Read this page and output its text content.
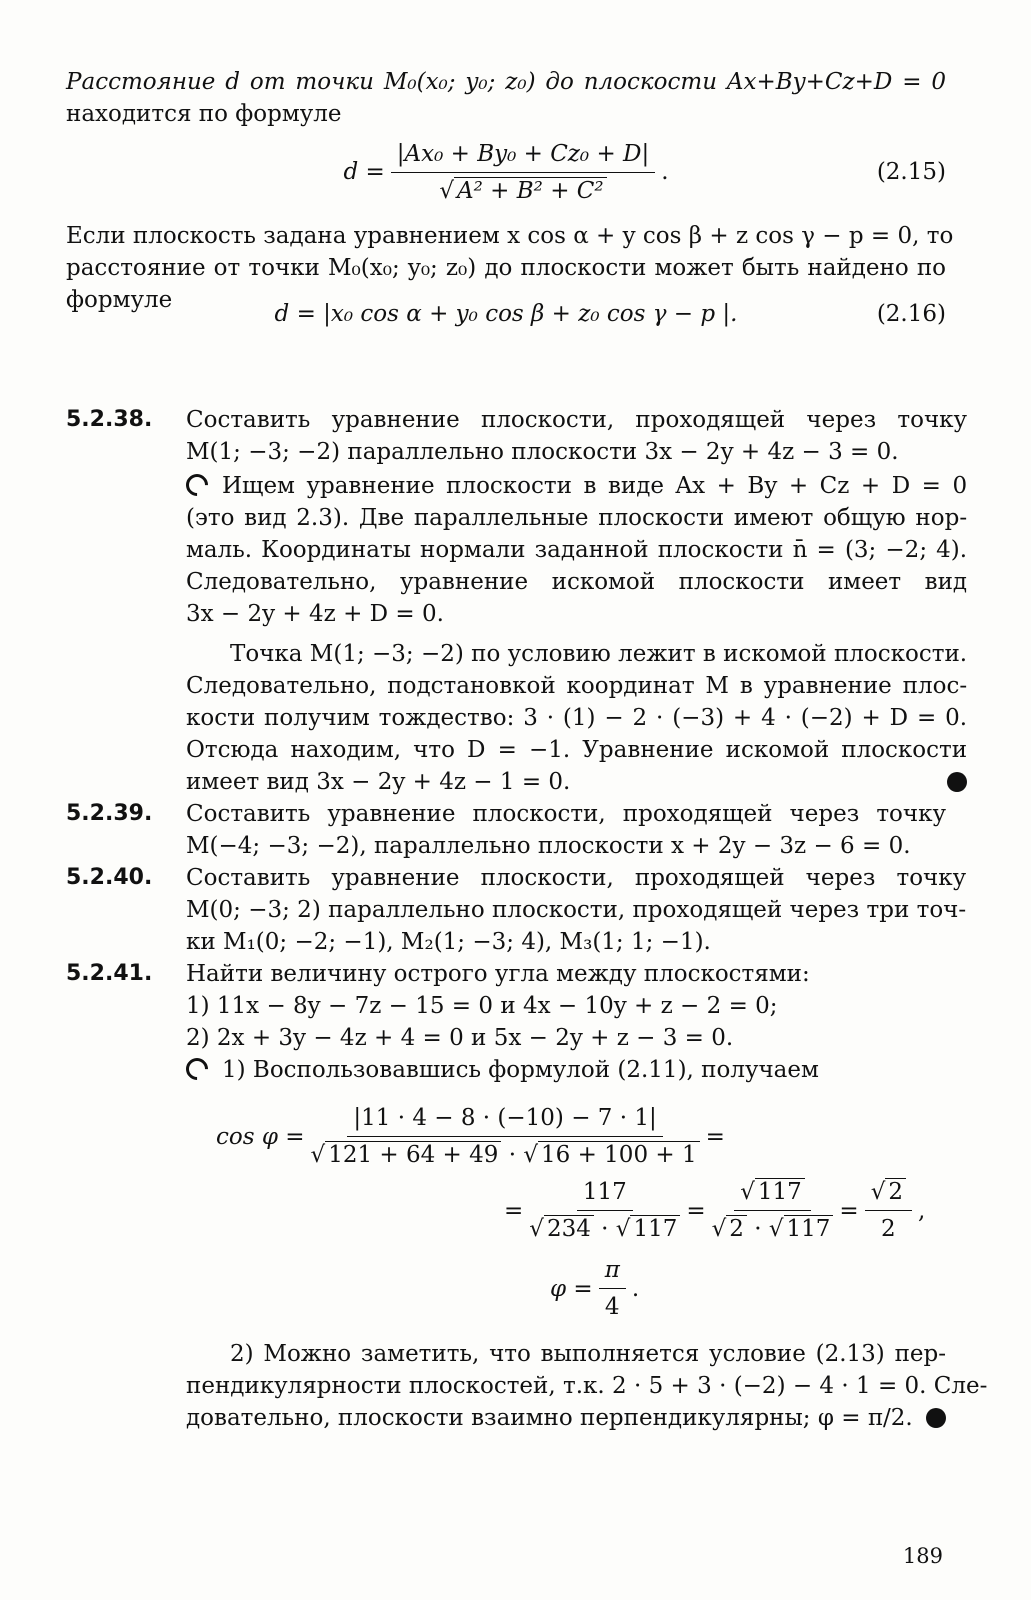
Расстояние d от точки M₀(x₀; y₀; z₀) до плоскости Ax+By+Cz+D = 0
находится по формуле
$d = \frac{\text{|Ax₀ + By₀ + Cz₀ + D|}}{\text{√ A² + B² + C²}}$ .	(2.15)
Если плоскость задана уравнением x cos α + y cos β + z cos γ − p = 0, то
расстояние от точки M₀(x₀; y₀; z₀) до плоскости может быть найдено по
формуле
d = |x₀ cos α + y₀ cos β + z₀ cos γ − p |.	(2.16)
5.2.38.	Составить уравнение плоскости, проходящей через точку
M(1; −3; −2) параллельно плоскости 3x − 2y + 4z − 3 = 0.
Ищем уравнение плоскости в виде Ax + By + Cz + D = 0
(это вид 2.3). Две параллельные плоскости имеют общую нор-
маль. Координаты нормали заданной плоскости n̄ = (3; −2; 4).
Следовательно, уравнение искомой плоскости имеет вид
3x − 2y + 4z + D = 0.
Точка M(1; −3; −2) по условию лежит в искомой плоскости.
Следовательно, подстановкой координат M в уравнение плос-
кости получим тождество: 3 · (1) − 2 · (−3) + 4 · (−2) + D = 0.
Отсюда находим, что D = −1. Уравнение искомой плоскости
имеет вид 3x − 2y + 4z − 1 = 0.
5.2.39.	Составить уравнение плоскости, проходящей через точку
M(−4; −3; −2), параллельно плоскости x + 2y − 3z − 6 = 0.
5.2.40.	Составить уравнение плоскости, проходящей через точку
M(0; −3; 2) параллельно плоскости, проходящей через три точ-
ки M₁(0; −2; −1), M₂(1; −3; 4), M₃(1; 1; −1).
5.2.41.	Найти величину острого угла между плоскостями:
1) 11x − 8y − 7z − 15 = 0 и 4x − 10y + z − 2 = 0;
2) 2x + 3y − 4z + 4 = 0 и 5x − 2y + z − 3 = 0.
1) Воспользовавшись формулой (2.11), получаем
$\cos \varphi = \frac{|11 \cdot 4 - 8 \cdot (-10) - 7 \cdot 1|}{√ 121 + 64 + 49 \cdot √ 16 + 100 + 1}$ =
= $\frac{117}{√ 234 \cdot √ 117} = \frac{√ 117}{√ 2 \cdot √ 117} = \frac{√ 2}{2}$ ,
$\varphi = \frac{\pi}{4}$ .
2) Можно заметить, что выполняется условие (2.13) пер-
пендикулярности плоскостей, т.к. 2 · 5 + 3 · (−2) − 4 · 1 = 0. Сле-
довательно, плоскости взаимно перпендикулярны; φ = π/2.
189
